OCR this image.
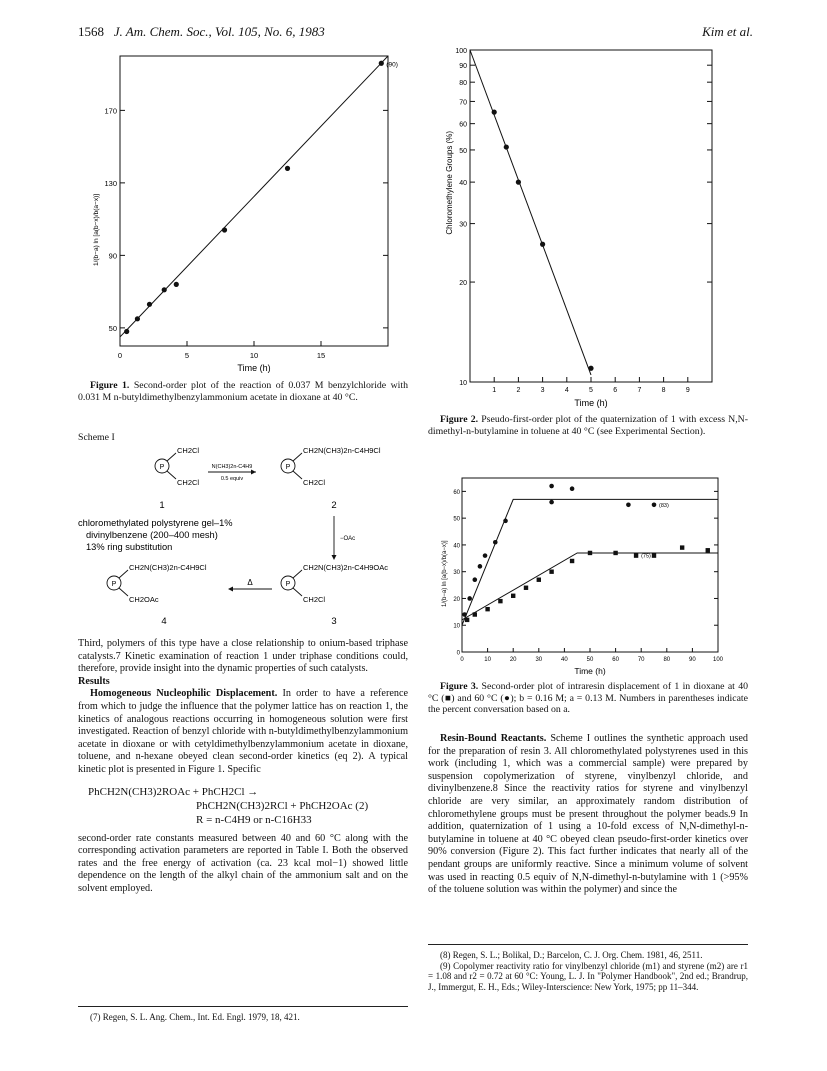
1568 J. Am. Chem. Soc., Vol. 105, No. 6, 1983	Kim et al.
0	5	10	15
50
90
130
170
(90)
Time (h)
1/(b−a) ln [a(b−x)/b(a−x)]

Figure 1. Second-order plot of the reaction of 0.037 M benzylchloride with 0.031 M n-butyldimethylbenzylammonium acetate in dioxane at 40 °C.

Scheme I
P
CH2Cl
CH2Cl
1
N(CH3)2n-C4H9
0.5 equiv
P
CH2N(CH3)2n-C4H9Cl
CH2Cl
2
−OAc
chloromethylated polystyrene gel–1%
divinylbenzene (200–400 mesh)
13% ring substitution
P
CH2N(CH3)2n-C4H9Cl
CH2OAc
4
Δ	P
CH2N(CH3)2n-C4H9OAc
CH2Cl
3

Third, polymers of this type have a close relationship to onium-based triphase catalysts.7 Kinetic examination of reaction 1 under triphase conditions could, therefore, provide insight into the dynamic properties of such catalysts.

Results

Homogeneous Nucleophilic Displacement. In order to have a reference from which to judge the influence that the polymer lattice has on reaction 1, the kinetics of analogous reactions occurring in homogeneous solution were first investigated. Reaction of benzyl chloride with n-butyldimethylbenzylammonium acetate in dioxane or with cetyldimethylbenzylammonium acetate in dioxane, toluene, and n-hexane obeyed clean second-order kinetics (eq 2). A typical kinetic plot is presented in Figure 1. Specific

PhCH2N(CH3)2ROAc + PhCH2Cl →
PhCH2N(CH3)2RCl + PhCH2OAc (2)
R = n-C4H9 or n-C16H33

second-order rate constants measured between 40 and 60 °C along with the corresponding activation parameters are reported in Table I. Both the observed rates and the free energy of activation (ca. 23 kcal mol−1) showed little dependence on the length of the alkyl chain of the ammonium salt and on the solvent employed.

(7) Regen, S. L. Ang. Chem., Int. Ed. Engl. 1979, 18, 421.

10
20
30
40
50
60
70
80
90
100
1	2	3	4	5	6	7	8	9
Time (h)
Chloromethylene Groups (%)

Figure 2. Pseudo-first-order plot of the quaternization of 1 with excess N,N-dimethyl-n-butylamine in toluene at 40 °C (see Experimental Section).

0	10	20	30	40	50	60	70	80	90	100
0
10
20
30
40
50
60
(83)
(75)
Time (h)
1/(b−a) ln [a(b−x)/b(a−x)]

Figure 3. Second-order plot of intraresin displacement of 1 in dioxane at 40 °C (■) and 60 °C (●); b = 0.16 M; a = 0.13 M. Numbers in parentheses indicate the percent conversation based on a.

Resin-Bound Reactants. Scheme I outlines the synthetic approach used for the preparation of resin 3. All chloromethylated polystyrenes used in this work (including 1, which was a commercial sample) were prepared by suspension copolymerization of styrene, vinylbenzyl chloride, and divinylbenzene.8 Since the reactivity ratios for styrene and vinylbenzyl chloride are very similar, an approximately random distribution of chloromethylene groups must be present throughout the polymer beads.9 In addition, quaternization of 1 using a 10-fold excess of N,N-dimethyl-n-butylamine in toluene at 40 °C obeyed clean pseudo-first-order kinetics over 90% conversion (Figure 2). This fact further indicates that nearly all of the pendant groups are uniformly reactive. Since a minimum volume of solvent was used in reacting 0.5 equiv of N,N-dimethyl-n-butylamine with 1 (>95% of the toluene solution was within the polymer) and since the

(8) Regen, S. L.; Bolikal, D.; Barcelon, C. J. Org. Chem. 1981, 46, 2511.

(9) Copolymer reactivity ratio for vinylbenzyl chloride (m1) and styrene (m2) are r1 = 1.08 and r2 = 0.72 at 60 °C: Young, L. J. In "Polymer Handbook", 2nd ed.; Brandrup, J., Immergut, E. H., Eds.; Wiley-Interscience: New York, 1975; pp 11–344.
